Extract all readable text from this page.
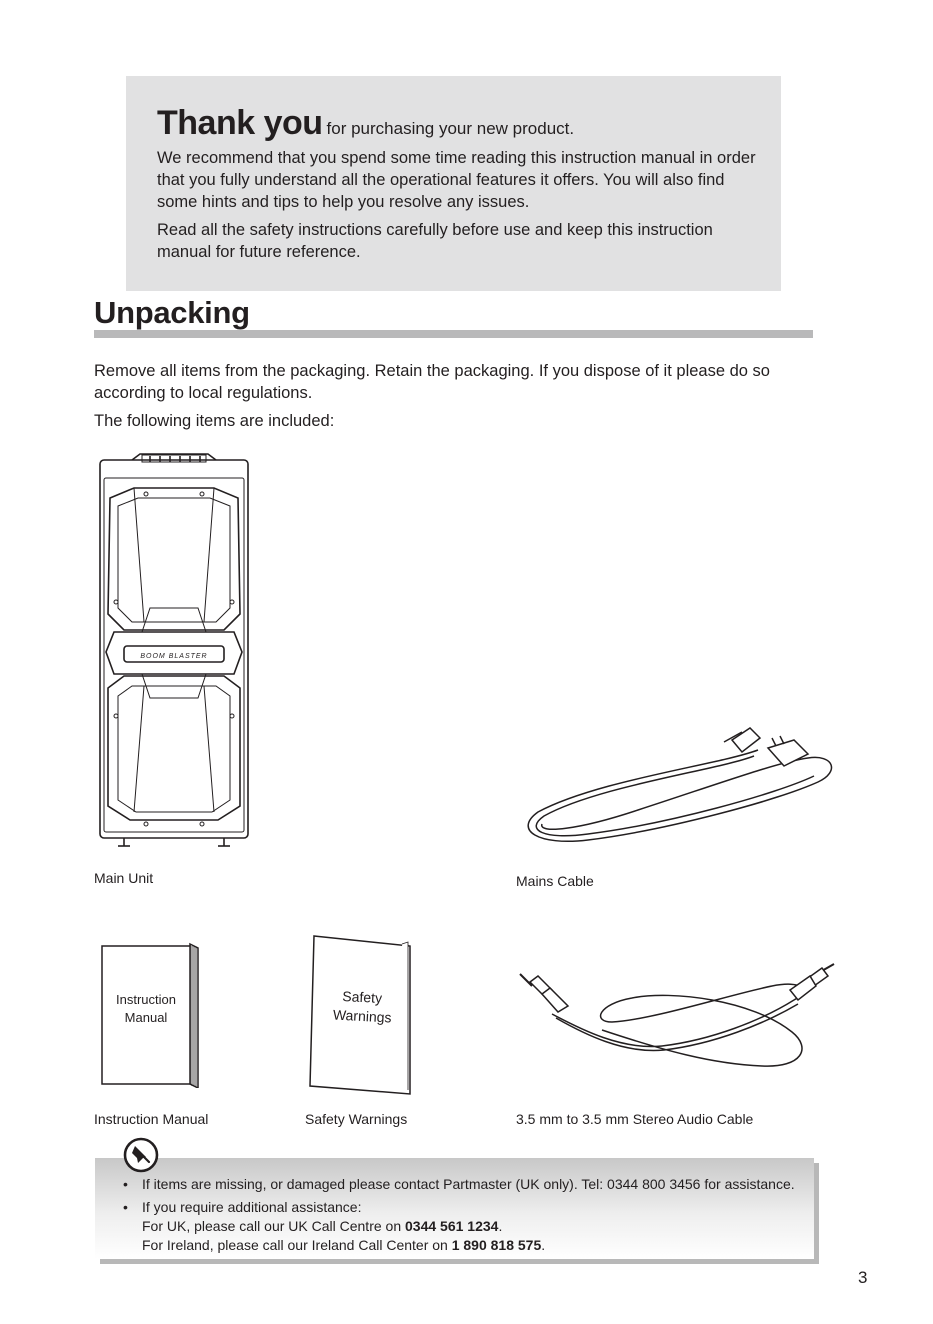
Thank you for purchasing your new product.
We recommend that you spend some time reading this instruction manual in order that you fully understand all the operational features it offers. You will also find some hints and tips to help you resolve any issues.
Read all the safety instructions carefully before use and keep this instruction manual for future reference.
Unpacking
Remove all items from the packaging. Retain the packaging. If you dispose of it please do so according to local regulations.
The following items are included:
BOOM BLASTER
Main Unit	Mains Cable
Instruction
Manual
Instruction Manual
Safety
Warnings
Safety Warnings	3.5 mm to 3.5 mm Stereo Audio Cable
• If items are missing, or damaged please contact Partmaster (UK only). Tel: 0344 800 3456 for assistance.
• If you require additional assistance:
For UK, please call our UK Call Centre on 0344 561 1234.
For Ireland, please call our Ireland Call Center on 1 890 818 575.
3
